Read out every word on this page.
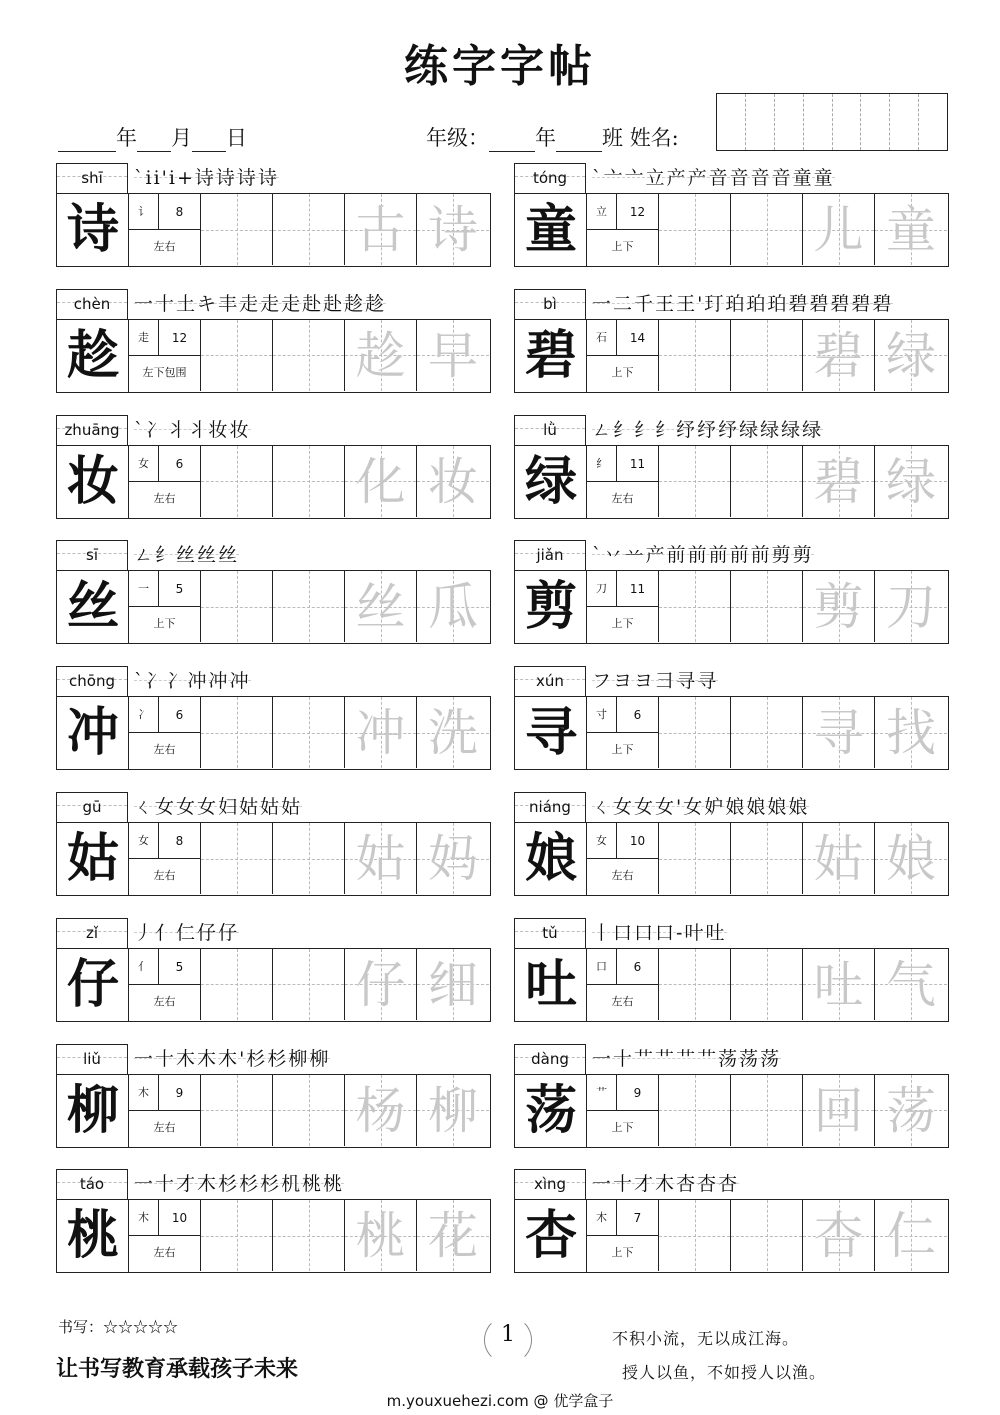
练字字帖
年 月 日	年级： 年 班 姓名:
shī	`ii'i+诗诗诗诗
诗	讠	8
左右	古 诗
tóng	`亠亠立产产音音音音童童
童	立	12
上下	儿 童
chèn	一十土キ丰走走走赴赴趁趁
趁	走	12
左下包围	趁 早
bì	一二千王王'玎珀珀珀碧碧碧碧碧
碧	石	14
上下	碧 绿
zhuāng `冫丬丬妆妆
妆	女	6
左右	化 妆
lǜ	ㄥ纟纟纟纾纾纾绿绿绿绿
绿	纟	11
左右	碧 绿
sī	ㄥ纟丝丝丝
丝	一	5
上下	丝 瓜
jiǎn	`丷䒑产前前前前前剪剪
剪	刀	11
上下	剪 刀
chōng	`冫冫冲冲冲
冲	冫	6
左右	冲 洗
xún	フヨヨ彐寻寻
寻	寸	6
上下	寻 找
gū	ㄑ女女女妇姑姑姑
姑	女	8
左右	姑 妈
niáng	ㄑ女女女'女妒娘娘娘娘
娘	女	10
左右	姑 娘
zǐ	丿亻仁仔仔
仔	亻	5
左右	仔 细
tǔ	丨口口口-叶吐
吐	口	6
左右	吐 气
liǔ	一十木木木'杉杉柳柳
柳	木	9
左右	杨 柳
dàng	一十艹艹艹艹荡荡荡
荡	艹	9
上下	回 荡
táo	一十才木杉杉杉机桃桃
桃	木	10
左右	桃 花
xìng	一十才木杏杏杏
杏	木	7
上下	杏 仁
书写：☆☆☆☆☆
让书写教育承载孩子未来
1	不积小流，无以成江海。
授人以鱼，不如授人以渔。
m.youxuehezi.com @ 优学盒子
